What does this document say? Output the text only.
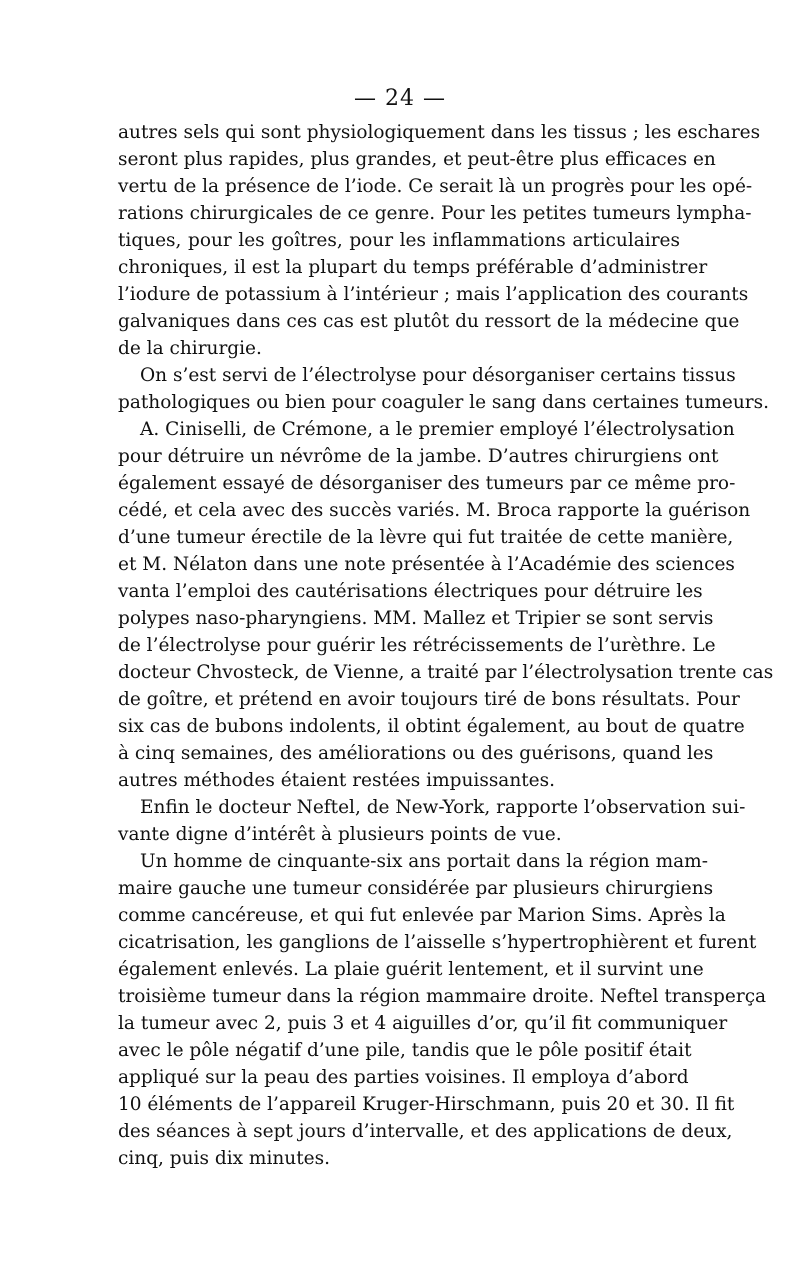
— 24 —
autres sels qui sont physiologiquement dans les tissus ; les eschares
seront plus rapides, plus grandes, et peut-être plus efficaces en
vertu de la présence de l’iode. Ce serait là un progrès pour les opé-
rations chirurgicales de ce genre. Pour les petites tumeurs lympha-
tiques, pour les goîtres, pour les inflammations articulaires
chroniques, il est la plupart du temps préférable d’administrer
l’iodure de potassium à l’intérieur ; mais l’application des courants
galvaniques dans ces cas est plutôt du ressort de la médecine que
de la chirurgie.
On s’est servi de l’électrolyse pour désorganiser certains tissus
pathologiques ou bien pour coaguler le sang dans certaines tumeurs.
A. Ciniselli, de Crémone, a le premier employé l’électrolysation
pour détruire un névrôme de la jambe. D’autres chirurgiens ont
également essayé de désorganiser des tumeurs par ce même pro-
cédé, et cela avec des succès variés. M. Broca rapporte la guérison
d’une tumeur érectile de la lèvre qui fut traitée de cette manière,
et M. Nélaton dans une note présentée à l’Académie des sciences
vanta l’emploi des cautérisations électriques pour détruire les
polypes naso-pharyngiens. MM. Mallez et Tripier se sont servis
de l’électrolyse pour guérir les rétrécissements de l’urèthre. Le
docteur Chvosteck, de Vienne, a traité par l’électrolysation trente cas
de goître, et prétend en avoir toujours tiré de bons résultats. Pour
six cas de bubons indolents, il obtint également, au bout de quatre
à cinq semaines, des améliorations ou des guérisons, quand les
autres méthodes étaient restées impuissantes.
Enfin le docteur Neftel, de New-York, rapporte l’observation sui-
vante digne d’intérêt à plusieurs points de vue.
Un homme de cinquante-six ans portait dans la région mam-
maire gauche une tumeur considérée par plusieurs chirurgiens
comme cancéreuse, et qui fut enlevée par Marion Sims. Après la
cicatrisation, les ganglions de l’aisselle s’hypertrophièrent et furent
également enlevés. La plaie guérit lentement, et il survint une
troisième tumeur dans la région mammaire droite. Neftel transperça
la tumeur avec 2, puis 3 et 4 aiguilles d’or, qu’il fit communiquer
avec le pôle négatif d’une pile, tandis que le pôle positif était
appliqué sur la peau des parties voisines. Il employa d’abord
10 éléments de l’appareil Kruger-Hirschmann, puis 20 et 30. Il fit
des séances à sept jours d’intervalle, et des applications de deux,
cinq, puis dix minutes.
